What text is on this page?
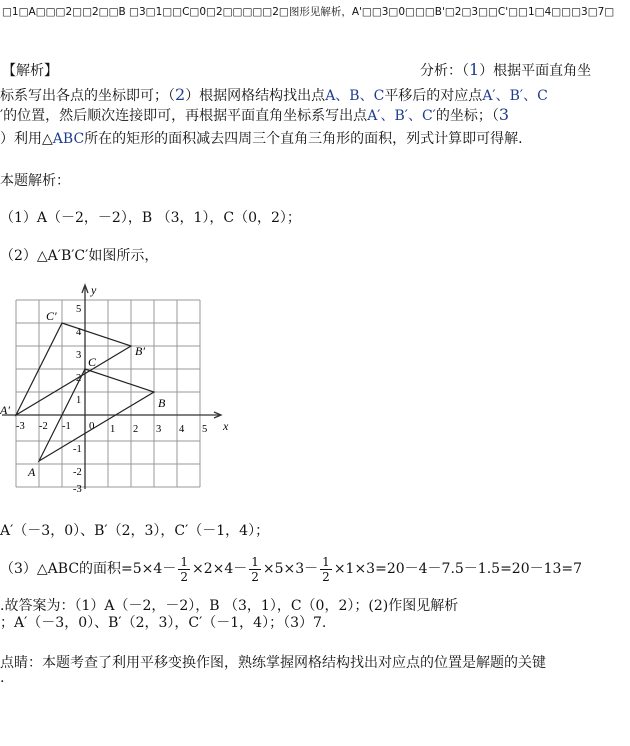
□1□A□□□2□□2□□B □3□1□□C□0□2□□□□□2□图形见解析，A'□□3□0□□□B'□2□3□□C'□□1□4□□□3□7□
【解析】	分析：（1）根据平面直角坐
标系写出各点的坐标即可；（2）根据网格结构找出点A、B、C平移后的对应点A′、B′、C
′的位置，然后顺次连接即可，再根据平面直角坐标系写出点A′、B′、C′的坐标；（3
）利用△ABC所在的矩形的面积减去四周三个直角三角形的面积，列式计算即可得解.
本题解析：
（1）A（－2，－2），B （3，1），C（0，2）；
（2）△A′B′C′如图所示，
x
y
0
-3 -2 -1	1 2 3 4 5
5
4
3
2
1
-1
-2
-3
A
B
C
A′
B′
C′
A′（－3，0）、B′（2，3），C′（－1，4）；
（3）△ABC的面积$=5\times 4- \frac{1}{2} \times 2\times 4- \frac{1}{2} \times 5\times 3- \frac{1}{2} \times 1\times 3=20-4-7.5-1.5=20-13=7$
.故答案为：（1）A（－2，－2），B （3，1），C（0，2）；(2)作图见解析
；A′（－3，0）、B′（2，3），C′（－1，4）；（3）7.
点睛：本题考查了利用平移变换作图，熟练掌握网格结构找出对应点的位置是解题的关键
.
